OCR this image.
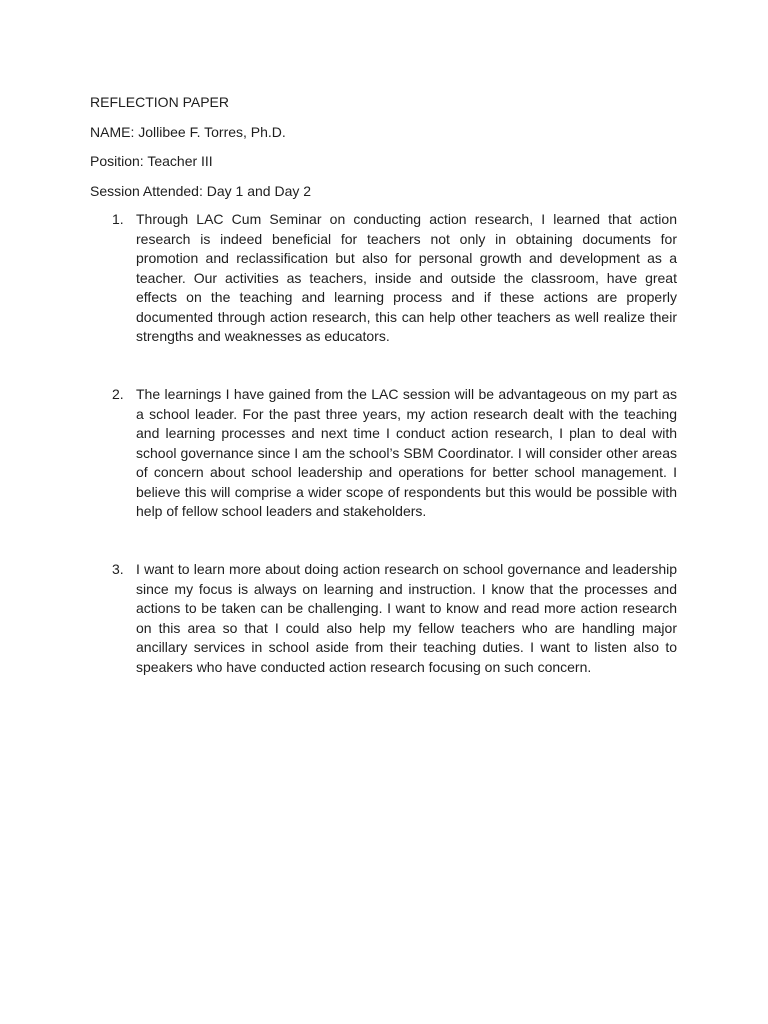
REFLECTION PAPER
NAME: Jollibee F. Torres, Ph.D.
Position: Teacher III
Session Attended: Day 1 and Day 2
1. Through LAC Cum Seminar on conducting action research, I learned that action research is indeed beneficial for teachers not only in obtaining documents for promotion and reclassification but also for personal growth and development as a teacher. Our activities as teachers, inside and outside the classroom, have great effects on the teaching and learning process and if these actions are properly documented through action research, this can help other teachers as well realize their strengths and weaknesses as educators.
2. The learnings I have gained from the LAC session will be advantageous on my part as a school leader. For the past three years, my action research dealt with the teaching and learning processes and next time I conduct action research, I plan to deal with school governance since I am the school’s SBM Coordinator. I will consider other areas of concern about school leadership and operations for better school management. I believe this will comprise a wider scope of respondents but this would be possible with help of fellow school leaders and stakeholders.
3. I want to learn more about doing action research on school governance and leadership since my focus is always on learning and instruction. I know that the processes and actions to be taken can be challenging. I want to know and read more action research on this area so that I could also help my fellow teachers who are handling major ancillary services in school aside from their teaching duties. I want to listen also to speakers who have conducted action research focusing on such concern.
